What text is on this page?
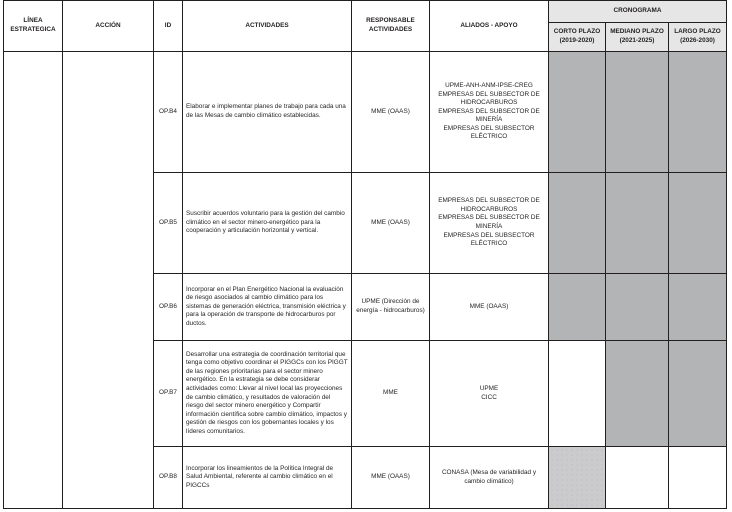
LÍNEA ESTRATEGICA	ACCIÓN	ID	ACTIVIDADES	RESPONSABLE ACTIVIDADES	ALIADOS - APOYO	CRONOGRAMA		
						CORTO PLAZO (2019-2020)	MEDIANO PLAZO (2021-2025)	LARGO PLAZO (2026-2030)
		OP.B4	Elaborar e implementar planes de trabajo para cada una de las Mesas de cambio climático establecidas.	MME (OAAS)	UPME-ANH-ANM-IPSE-CREG
EMPRESAS DEL SUBSECTOR DE HIDROCARBUROS
EMPRESAS DEL SUBSECTOR DE MINERÍA
EMPRESAS DEL SUBSECTOR ELÉCTRICO			
		OP.B5	Suscribir acuerdos voluntario para la gestión del cambio climático en el sector minero-energético para la cooperación y articulación horizontal y vertical.	MME (OAAS)	EMPRESAS DEL SUBSECTOR DE HIDROCARBUROS
EMPRESAS DEL SUBSECTOR DE MINERÍA
EMPRESAS DEL SUBSECTOR ELÉCTRICO			
		OP.B6	Incorporar en el Plan Energético Nacional la evaluación de riesgo asociados al cambio climático para los sistemas de generación eléctrica, transmisión eléctrica y para la operación de transporte de hidrocarburos por ductos.	UPME (Dirección de energía - hidrocarburos)	MME (OAAS)			
		OP.B7	Desarrollar una estrategia de coordinación territorial que tenga como objetivo coordinar el PIGGCs con los PIGGT de las regiones prioritarias para el sector minero energético. En la estrategia se debe considerar actividades como: Llevar al nivel local las proyecciones de cambio climático, y resultados de valoración del riesgo del sector minero energético y Compartir información científica sobre cambio climático, impactos y gestión de riesgos con los gobernantes locales y los líderes comunitarios.	MME	UPME
CICC			
		OP.B8	Incorporar los lineamientos de la Política Integral de Salud Ambiental, referente al cambio climático en el PIGCCs	MME (OAAS)	CONASA (Mesa de variabilidad y cambio climático)			
